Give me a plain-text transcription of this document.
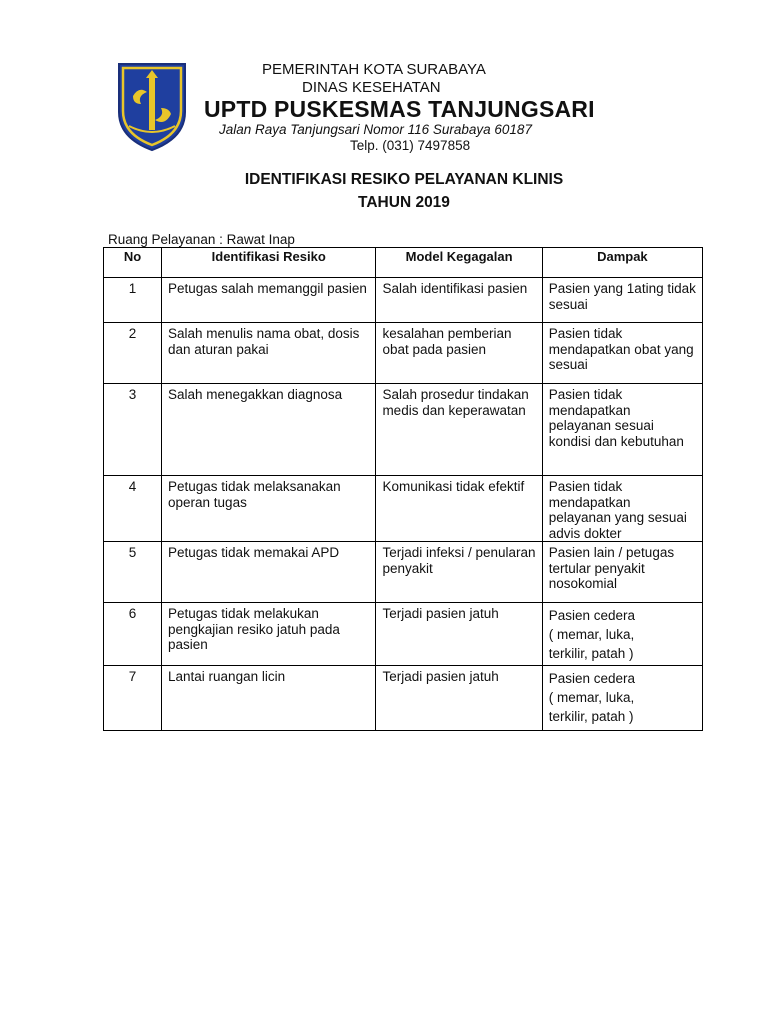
PEMERINTAH KOTA SURABAYA
DINAS KESEHATAN
UPTD PUSKESMAS TANJUNGSARI
Jalan Raya Tanjungsari Nomor 116 Surabaya 60187
Telp. (031) 7497858
IDENTIFIKASI RESIKO PELAYANAN KLINIS
TAHUN 2019
Ruang Pelayanan : Rawat Inap
No	Identifikasi Resiko	Model Kegagalan	Dampak
1	Petugas salah memanggil pasien	Salah identifikasi pasien	Pasien yang 1ating tidak sesuai
2	Salah menulis nama obat, dosis dan aturan pakai	kesalahan pemberian obat pada pasien	Pasien tidak mendapatkan obat yang sesuai
3	Salah menegakkan diagnosa	Salah prosedur tindakan medis dan keperawatan	Pasien tidak mendapatkan pelayanan sesuai kondisi dan kebutuhan
4	Petugas tidak melaksanakan operan tugas	Komunikasi tidak efektif	Pasien tidak mendapatkan pelayanan yang sesuai advis dokter
5	Petugas tidak memakai APD	Terjadi infeksi / penularan penyakit	Pasien lain / petugas tertular penyakit nosokomial
6	Petugas tidak melakukan pengkajian resiko jatuh pada pasien	Terjadi pasien jatuh	Pasien cedera
( memar, luka,
terkilir, patah )
7	Lantai ruangan licin	Terjadi pasien jatuh	Pasien cedera
( memar, luka,
terkilir, patah )
